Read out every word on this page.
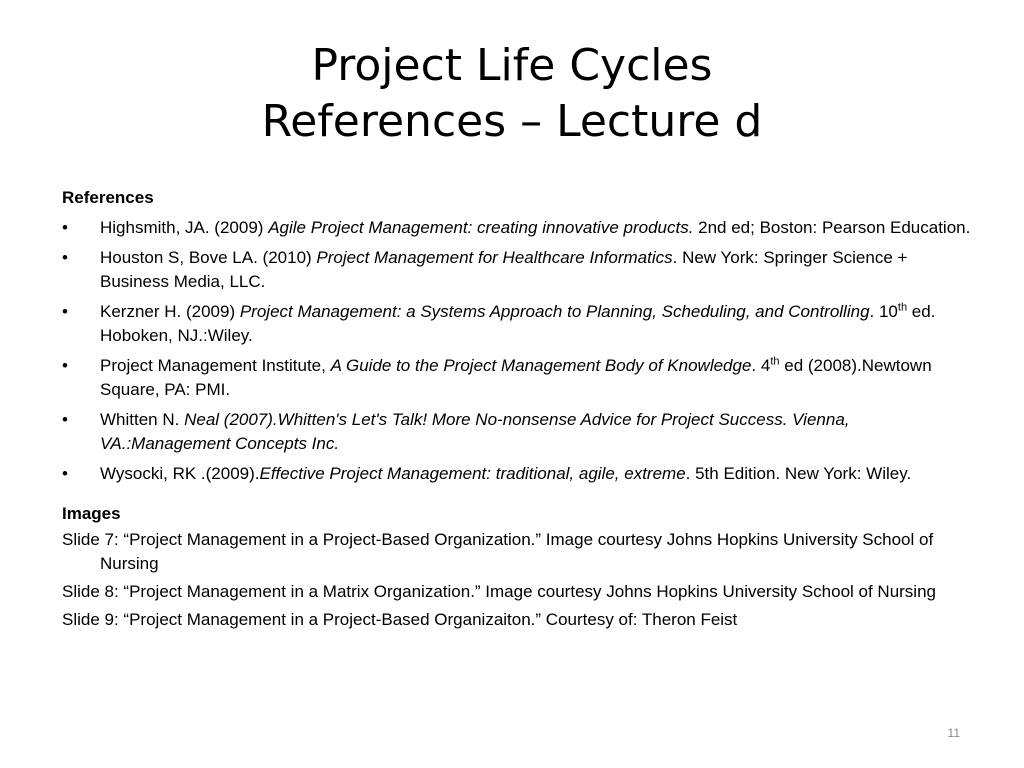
Project Life Cycles
References – Lecture d
References
• Highsmith, JA. (2009) Agile Project Management: creating innovative products. 2nd ed; Boston: Pearson Education.
• Houston S, Bove LA. (2010) Project Management for Healthcare Informatics. New York: Springer Science + Business Media, LLC.
• Kerzner H. (2009) Project Management: a Systems Approach to Planning, Scheduling, and Controlling. 10th ed. Hoboken, NJ.:Wiley.
• Project Management Institute, A Guide to the Project Management Body of Knowledge. 4th ed (2008).Newtown Square, PA: PMI.
• Whitten N. Neal (2007).Whitten's Let's Talk! More No-nonsense Advice for Project Success. Vienna, VA.:Management Concepts Inc.
• Wysocki, RK .(2009).Effective Project Management: traditional, agile, extreme. 5th Edition. New York: Wiley.
Images
Slide 7: “Project Management in a Project-Based Organization.” Image courtesy Johns Hopkins University School of Nursing
Slide 8: “Project Management in a Matrix Organization.” Image courtesy Johns Hopkins University School of Nursing
Slide 9: “Project Management in a Project-Based Organizaiton.” Courtesy of: Theron Feist
11
